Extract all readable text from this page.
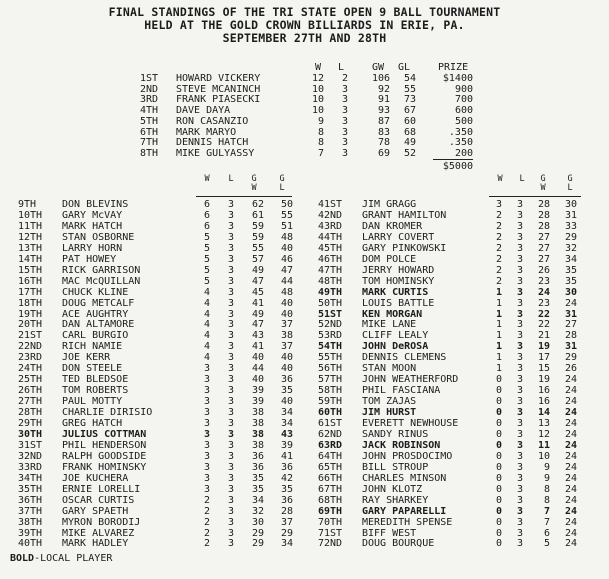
FINAL STANDINGS OF THE TRI STATE OPEN 9 BALL TOURNAMENT
HELD AT THE GOLD CROWN BILLIARDS IN ERIE, PA.
SEPTEMBER 27TH AND 28TH
W L	GW GL	PRIZE
1ST	HOWARD VICKERY	12	2	106	54	$1400
2ND	STEVE MCANINCH	10	3	92	55	900
3RD	FRANK PIASECKI	10	3	91	73	700
4TH	DAVE DAYA	10	3	93	67	600
5TH	RON CASANZIO	9	3	87	60	500
6TH	MARK MARYO	8	3	83	68	.350
7TH	DENNIS HATCH	8	3	78	49	.350
8TH	MIKE GULYASSY	7	3	69	52	200
$5000
W L GW GL	W L GW GL
9TH	DON BLEVINS	6	3	62	50
10TH	GARY McVAY	6	3	61	55
11TH	MARK HATCH	6	3	59	51
12TH	STAN OSBORNE	5	3	59	48
13TH	LARRY HORN	5	3	55	40
14TH	PAT HOWEY	5	3	57	46
15TH	RICK GARRISON	5	3	49	47
16TH	MAC McQUILLAN	5	3	47	44
17TH	CHUCK KLINE	4	3	45	48
18TH	DOUG METCALF	4	3	41	40
19TH	ACE AUGHTRY	4	3	49	40
20TH	DAN ALTAMORE	4	3	47	37
21ST	CARL BURGIO	4	3	43	38
22ND	RICH NAMIE	4	3	41	37
23RD	JOE KERR	4	3	40	40
24TH	DON STEELE	3	3	44	40
25TH	TED BLEDSOE	3	3	40	36
26TH	TOM ROBERTS	3	3	39	35
27TH	PAUL MOTTY	3	3	39	40
28TH	CHARLIE DIRISIO	3	3	38	34
29TH	GREG HATCH	3	3	38	34
30TH	JULIUS COTTMAN	3	3	38	43
31ST	PHIL HENDERSON	3	3	38	39
32ND	RALPH GOODSIDE	3	3	36	41
33RD	FRANK HOMINSKY	3	3	36	36
34TH	JOE KUCHERA	3	3	35	42
35TH	ERNIE LORELLI	3	3	35	35
36TH	OSCAR CURTIS	2	3	34	36
37TH	GARY SPAETH	2	3	32	28
38TH	MYRON BORODIJ	2	3	30	37
39TH	MIKE ALVAREZ	2	3	29	29
40TH	MARK HADLEY	2	3	29	34
41ST	JIM GRAGG	3	3	28	30
42ND	GRANT HAMILTON	2	3	28	31
43RD	DAN KROMER	2	3	28	33
44TH	LARRY COVERT	2	3	27	29
45TH	GARY PINKOWSKI	2	3	27	32
46TH	DOM POLCE	2	3	27	34
47TH	JERRY HOWARD	2	3	26	35
48TH	TOM HOMINSKY	2	3	23	35
49TH	MARK CURTIS	1	3	24	30
50TH	LOUIS BATTLE	1	3	23	24
51ST	KEN MORGAN	1	3	22	31
52ND	MIKE LANE	1	3	22	27
53RD	CLIFF LEALY	1	3	21	28
54TH	JOHN DeROSA	1	3	19	31
55TH	DENNIS CLEMENS	1	3	17	29
56TH	STAN MOON	1	3	15	26
57TH	JOHN WEATHERFORD	0	3	19	24
58TH	PHIL FASCIANA	0	3	16	24
59TH	TOM ZAJAS	0	3	16	24
60TH	JIM HURST	0	3	14	24
61ST	EVERETT NEWHOUSE	0	3	13	24
62ND	SANDY RINUS	0	3	12	24
63RD	JACK ROBINSON	0	3	11	24
64TH	JOHN PROSDOCIMO	0	3	10	24
65TH	BILL STROUP	0	3	9	24
66TH	CHARLES MINSON	0	3	9	24
67TH	JOHN KLOTZ	0	3	8	24
68TH	RAY SHARKEY	0	3	8	24
69TH	GARY PAPARELLI	0	3	7	24
70TH	MEREDITH SPENSE	0	3	7	24
71ST	BIFF WEST	0	3	6	24
72ND	DOUG BOURQUE	0	3	5	24
BOLD-LOCAL PLAYER
